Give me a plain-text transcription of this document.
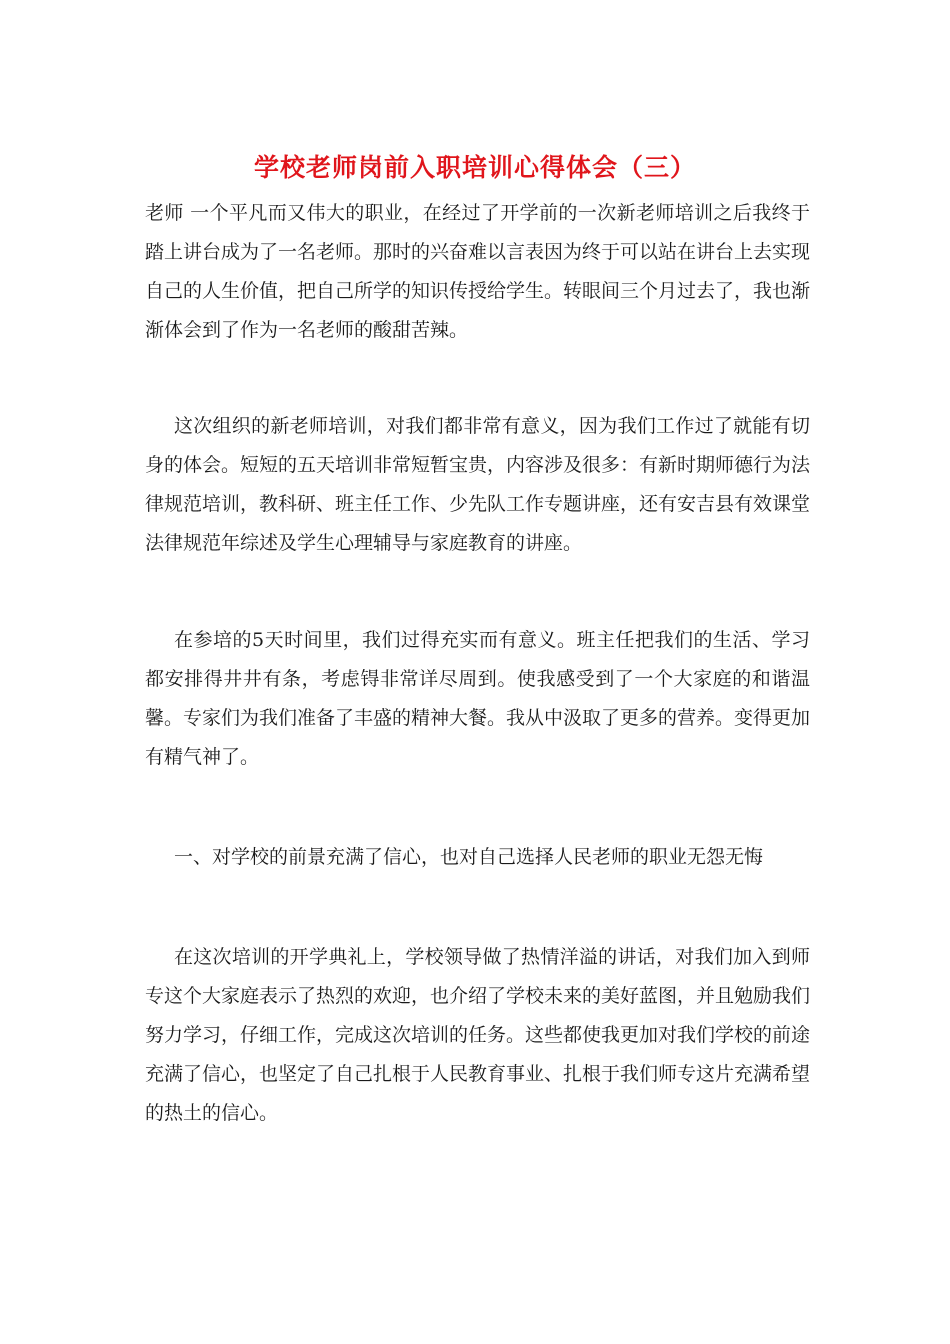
学校老师岗前入职培训心得体会（三）

老师 一个平凡而又伟大的职业，在经过了开学前的一次新老师培训之后我终于踏上讲台成为了一名老师。那时的兴奋难以言表因为终于可以站在讲台上去实现自己的人生价值，把自己所学的知识传授给学生。转眼间三个月过去了，我也渐渐体会到了作为一名老师的酸甜苦辣。

这次组织的新老师培训，对我们都非常有意义，因为我们工作过了就能有切身的体会。短短的五天培训非常短暂宝贵，内容涉及很多：有新时期师德行为法律规范培训，教科研、班主任工作、少先队工作专题讲座，还有安吉县有效课堂法律规范年综述及学生心理辅导与家庭教育的讲座。

在参培的5天时间里，我们过得充实而有意义。班主任把我们的生活、学习都安排得井井有条，考虑锝非常详尽周到。使我感受到了一个大家庭的和谐温馨。专家们为我们准备了丰盛的精神大餐。我从中汲取了更多的营养。变得更加有精气神了。

一、对学校的前景充满了信心，也对自己选择人民老师的职业无怨无悔

在这次培训的开学典礼上，学校领导做了热情洋溢的讲话，对我们加入到师专这个大家庭表示了热烈的欢迎，也介绍了学校未来的美好蓝图，并且勉励我们努力学习，仔细工作，完成这次培训的任务。这些都使我更加对我们学校的前途充满了信心，也坚定了自己扎根于人民教育事业、扎根于我们师专这片充满希望的热土的信心。
